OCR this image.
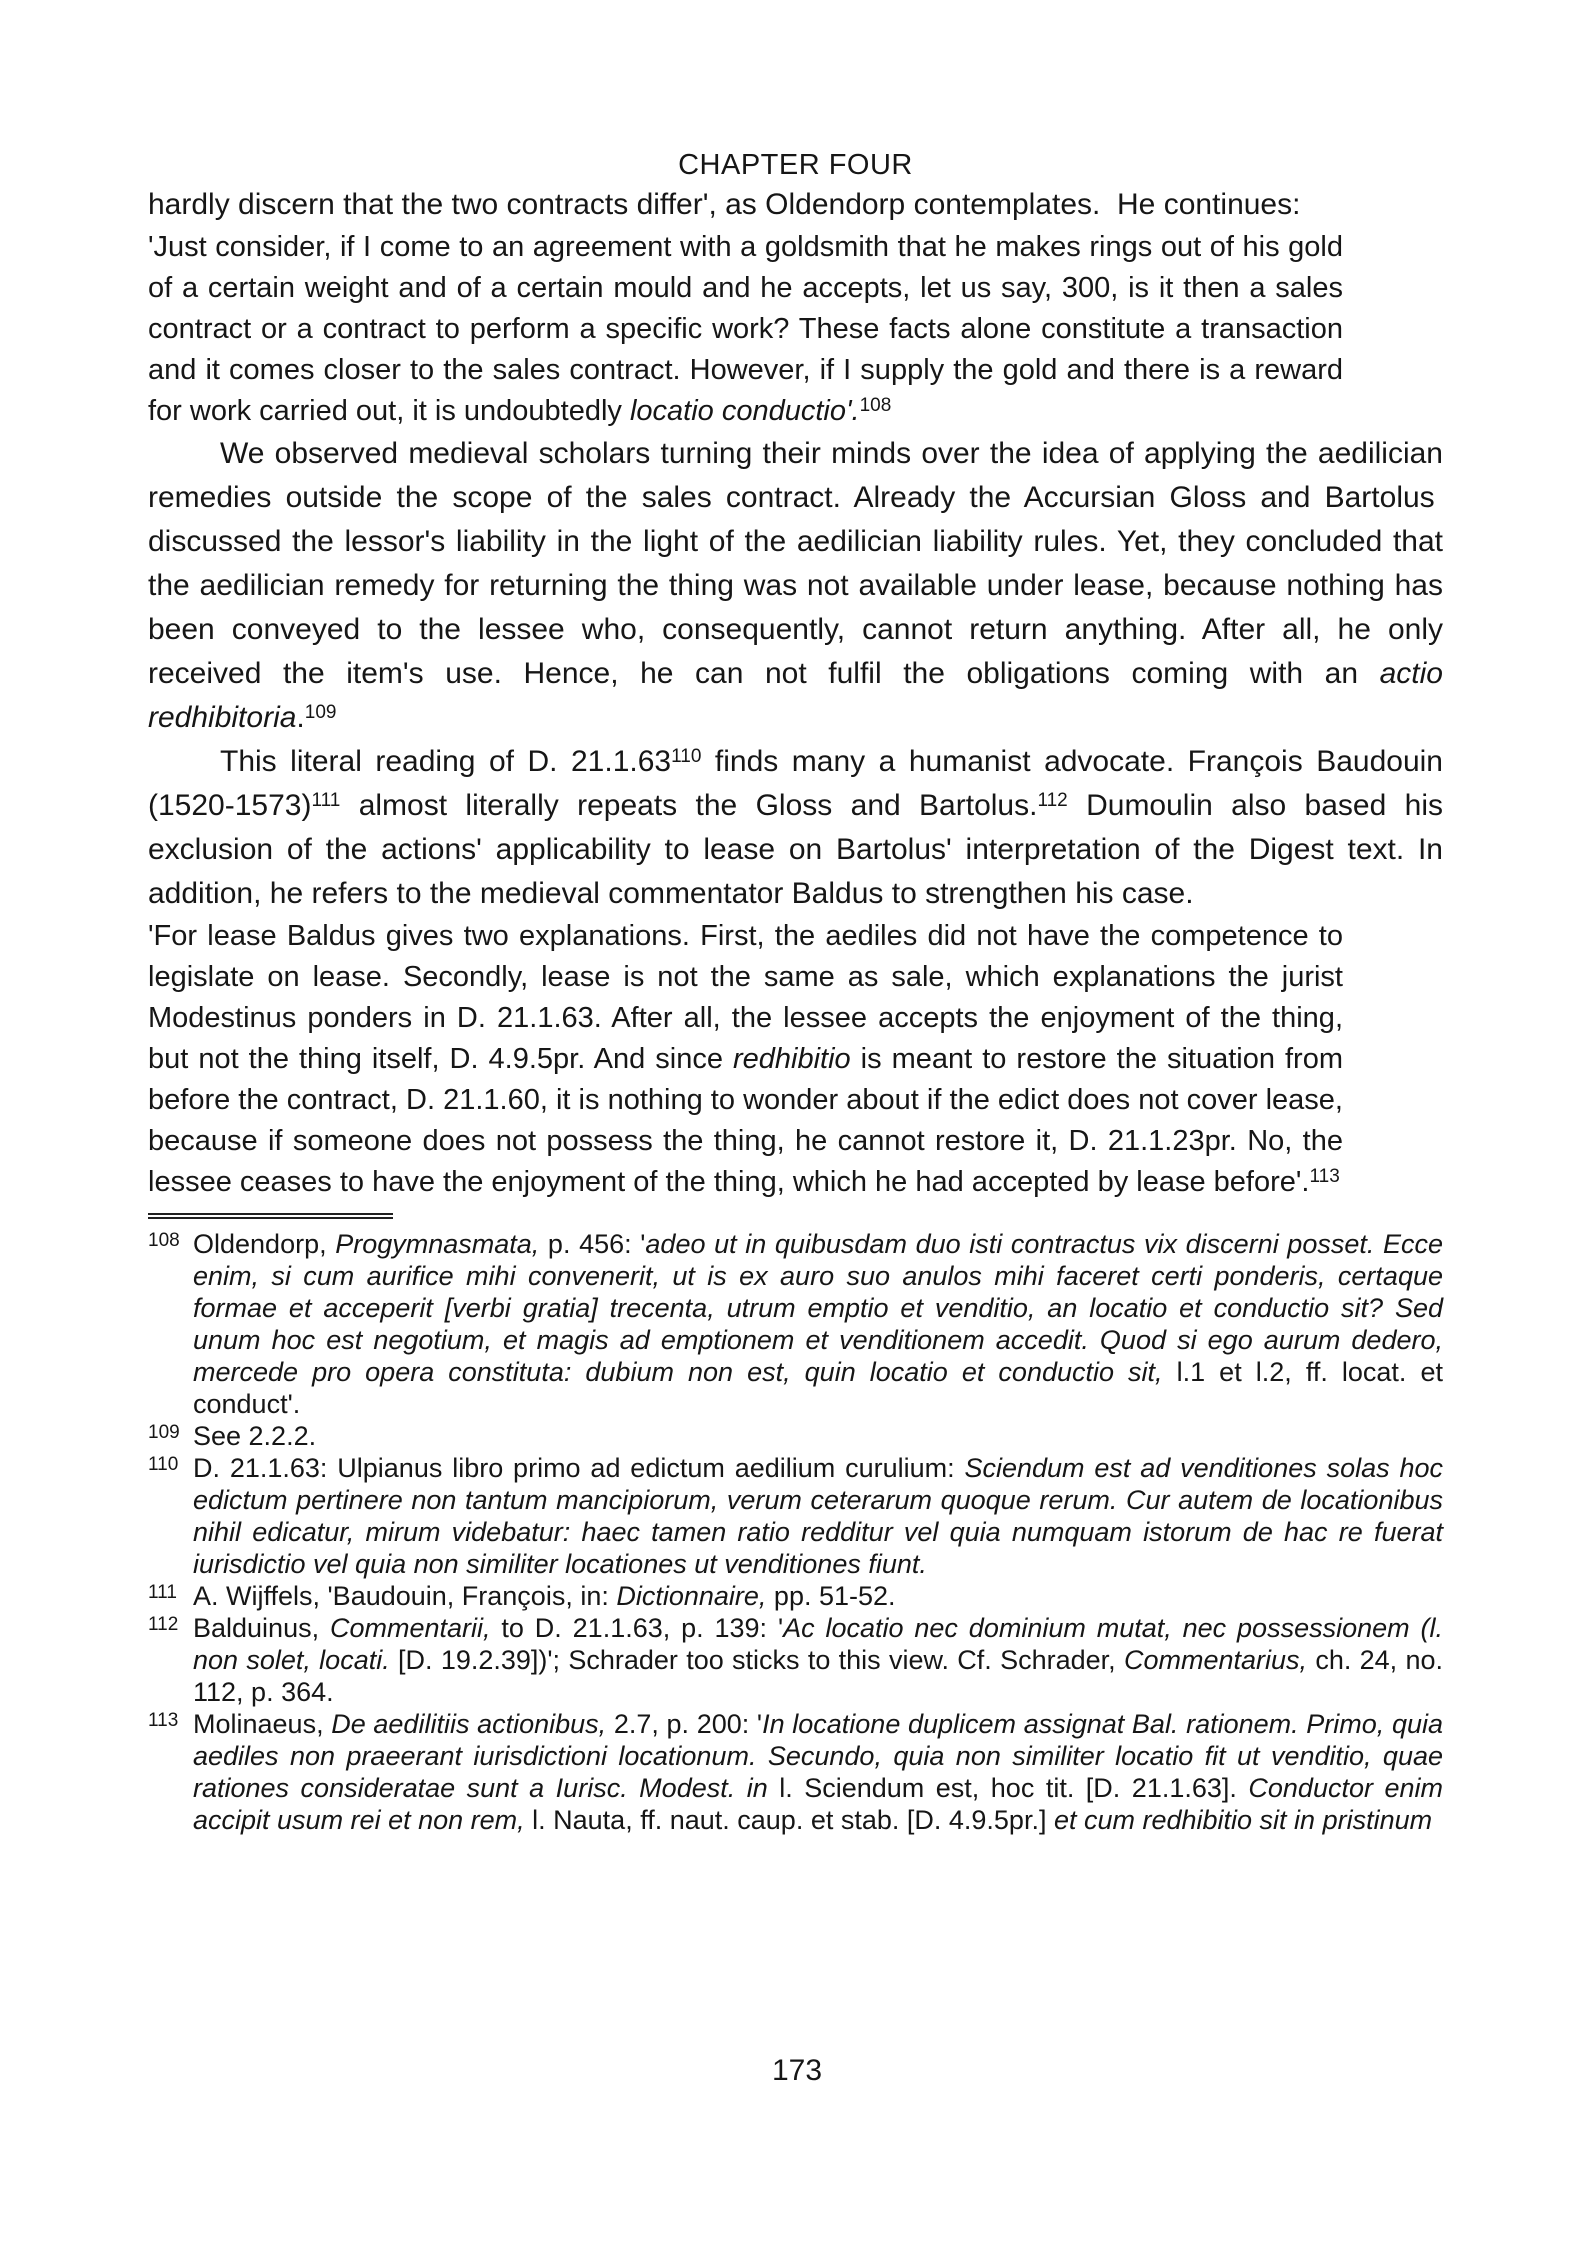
CHAPTER FOUR

hardly discern that the two contracts differ', as Oldendorp contemplates.  He continues:

'Just consider, if I come to an agreement with a goldsmith that he makes rings out of his gold of a certain weight and of a certain mould and he accepts, let us say, 300, is it then a sales contract or a contract to perform a specific work? These facts alone constitute a transaction and it comes closer to the sales contract. However, if I supply the gold and there is a reward for work carried out, it is undoubtedly locatio conductio'.$^{108}$

We observed medieval scholars turning their minds over the idea of applying the aedilician remedies outside the scope of the sales contract. Already the Accursian Gloss and Bartolus  discussed the lessor's liability in the light of the aedilician liability rules. Yet, they concluded that the aedilician remedy for returning the thing was not available under lease, because nothing has been conveyed to the lessee who, consequently, cannot return anything. After all, he only received the item's use. Hence, he can not fulfil the obligations coming with an actio redhibitoria.$^{109}$

This literal reading of D. 21.1.63$^{110}$ finds many a humanist advocate. François Baudouin (1520-1573)$^{111}$ almost literally repeats the Gloss and Bartolus.$^{112}$ Dumoulin also based his exclusion of the actions' applicability to lease on Bartolus' interpretation of the Digest text. In addition, he refers to the medieval commentator Baldus to strengthen his case.

'For lease Baldus gives two explanations. First, the aediles did not have the competence to legislate on lease. Secondly, lease is not the same as sale, which explanations the jurist Modestinus ponders in D. 21.1.63. After all, the lessee accepts the enjoyment of the thing, but not the thing itself, D. 4.9.5pr. And since redhibitio is meant to restore the situation from before the contract, D. 21.1.60, it is nothing to wonder about if the edict does not cover lease, because if someone does not possess the thing, he cannot restore it, D. 21.1.23pr. No, the lessee ceases to have the enjoyment of the thing, which he had accepted by lease before'.$^{113}$

108 Oldendorp, Progymnasmata, p. 456: 'adeo ut in quibusdam duo isti contractus vix discerni posset. Ecce enim, si cum aurifice mihi convenerit, ut is ex auro suo anulos mihi faceret certi ponderis, certaque formae et acceperit [verbi gratia] trecenta, utrum emptio et venditio, an locatio et conductio sit? Sed unum hoc est negotium, et magis ad emptionem et venditionem accedit. Quod si ego aurum dedero, mercede pro opera constituta: dubium non est, quin locatio et conductio sit, l.1 et l.2, ff. locat. et conduct'.
109 See 2.2.2.
110 D. 21.1.63: Ulpianus libro primo ad edictum aedilium curulium: Sciendum est ad venditiones solas hoc edictum pertinere non tantum mancipiorum, verum ceterarum quoque rerum. Cur autem de locationibus nihil edicatur, mirum videbatur: haec tamen ratio redditur vel quia numquam istorum de hac re fuerat iurisdictio vel quia non similiter locationes ut venditiones fiunt.
111 A. Wijffels, 'Baudouin, François, in: Dictionnaire, pp. 51-52.
112 Balduinus, Commentarii, to D. 21.1.63, p. 139: 'Ac locatio nec dominium mutat, nec possessionem (l. non solet, locati. [D. 19.2.39])'; Schrader too sticks to this view. Cf. Schrader, Commentarius, ch. 24, no. 112, p. 364.
113 Molinaeus, De aedilitiis actionibus, 2.7, p. 200: 'In locatione duplicem assignat Bal. rationem. Primo, quia aediles non praeerant iurisdictioni locationum. Secundo, quia non similiter locatio fit ut venditio, quae rationes consideratae sunt a Iurisc. Modest. in l. Sciendum est, hoc tit. [D. 21.1.63]. Conductor enim accipit usum rei et non rem, l. Nauta, ff. naut. caup. et stab. [D. 4.9.5pr.] et cum redhibitio sit in pristinum
173
